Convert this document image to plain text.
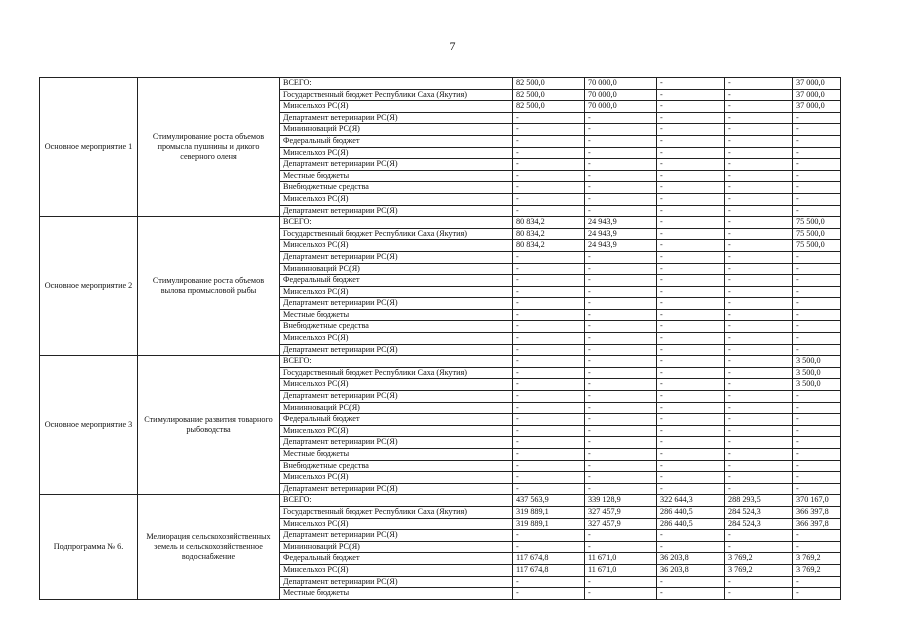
7
Основное мероприятие 1	Стимулирование роста объемов промысла пушнины и дикого северного оленя	ВСЕГО:	82 500,0	70 000,0	-	-	37 000,0	
		Государственный бюджет Республики Саха (Якутия)	82 500,0	70 000,0	-	-	37 000,0	
		Минсельхоз РС(Я)	82 500,0	70 000,0	-	-	37 000,0	
		Департамент ветеринарии РС(Я)	-	-	-	-	-	
		Мининноваций РС(Я)	-	-	-	-	-	
		Федеральный бюджет	-	-	-	-	-	
		Минсельхоз РС(Я)	-	-	-	-	-	
		Департамент ветеринарии РС(Я)	-	-	-	-	-	
		Местные бюджеты	-	-	-	-	-	
		Внебюджетные средства	-	-	-	-	-	
		Минсельхоз РС(Я)	-	-	-	-	-	
		Департамент ветеринарии РС(Я)	-	-	-	-	-	
Основное мероприятие 2	Стимулирование роста объемов вылова промысловой рыбы	ВСЕГО:	80 834,2	24 943,9	-	-	75 500,0	
		Государственный бюджет Республики Саха (Якутия)	80 834,2	24 943,9	-	-	75 500,0	
		Минсельхоз РС(Я)	80 834,2	24 943,9	-	-	75 500,0	
		Департамент ветеринарии РС(Я)	-	-	-	-	-	
		Мининноваций РС(Я)	-	-	-	-	-	
		Федеральный бюджет	-	-	-	-	-	
		Минсельхоз РС(Я)	-	-	-	-	-	
		Департамент ветеринарии РС(Я)	-	-	-	-	-	
		Местные бюджеты	-	-	-	-	-	
		Внебюджетные средства	-	-	-	-	-	
		Минсельхоз РС(Я)	-	-	-	-	-	
		Департамент ветеринарии РС(Я)	-	-	-	-	-	
Основное мероприятие 3	Стимулирование развития товарного рыбоводства	ВСЕГО:	-	-	-	-	3 500,0	
		Государственный бюджет Республики Саха (Якутия)	-	-	-	-	3 500,0	
		Минсельхоз РС(Я)	-	-	-	-	3 500,0	
		Департамент ветеринарии РС(Я)	-	-	-	-	-	
		Мининноваций РС(Я)	-	-	-	-	-	
		Федеральный бюджет	-	-	-	-	-	
		Минсельхоз РС(Я)	-	-	-	-	-	
		Департамент ветеринарии РС(Я)	-	-	-	-	-	
		Местные бюджеты	-	-	-	-	-	
		Внебюджетные средства	-	-	-	-	-	
		Минсельхоз РС(Я)	-	-	-	-	-	
		Департамент ветеринарии РС(Я)	-	-	-	-	-	
Подпрограмма № 6.	Мелиорация сельскохозяйственных земель и сельскохозяйственное водоснабжение	ВСЕГО:	437 563,9	339 128,9	322 644,3	288 293,5	370 167,0	
		Государственный бюджет Республики Саха (Якутия)	319 889,1	327 457,9	286 440,5	284 524,3	366 397,8	
		Минсельхоз РС(Я)	319 889,1	327 457,9	286 440,5	284 524,3	366 397,8	
		Департамент ветеринарии РС(Я)	-	-	-	-	-	
		Мининноваций РС(Я)	-	-	-	-	-	
		Федеральный бюджет	117 674,8	11 671,0	36 203,8	3 769,2	3 769,2	
		Минсельхоз РС(Я)	117 674,8	11 671,0	36 203,8	3 769,2	3 769,2	
		Департамент ветеринарии РС(Я)	-	-	-	-	-	
		Местные бюджеты	-	-	-	-	-	
